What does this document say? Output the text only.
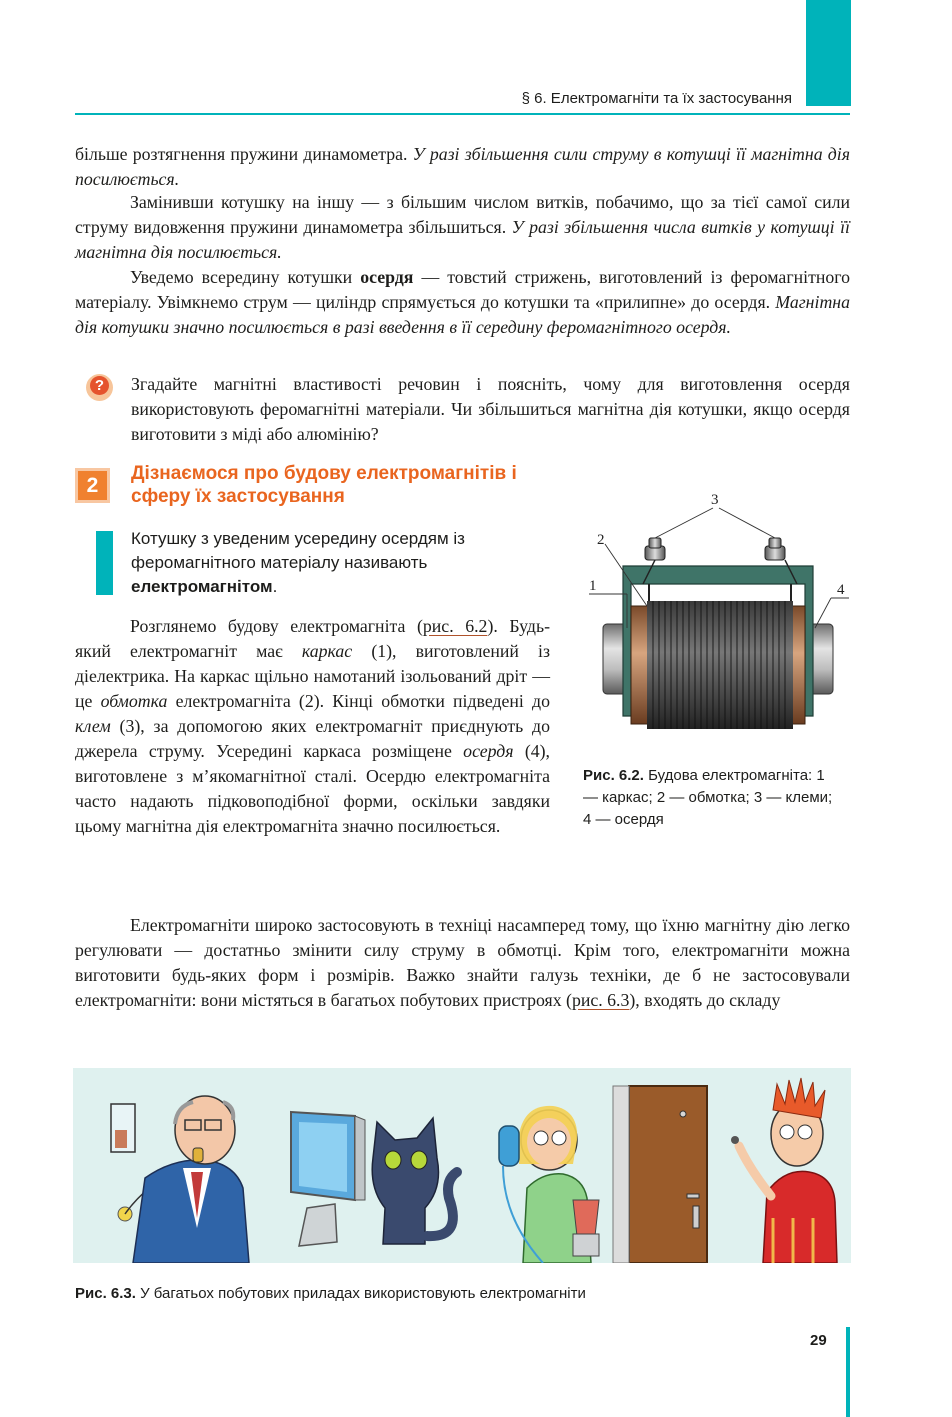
§ 6. Електромагніти та їх застосування

більше розтягнення пружини динамометра. У разі збільшення сили струму в котушці її магнітна дія посилюється.

Замінивши котушку на іншу — з більшим числом витків, побачимо, що за тієї самої сили струму видовження пружини динамометра збільшиться. У разі збільшення числа витків у котушці її магнітна дія посилюється.

Уведемо всередину котушки осердя — товстий стрижень, виготовлений із феромагнітного матеріалу. Увімкнемо струм — циліндр спрямується до котушки та «прилипне» до осердя. Магнітна дія котушки значно посилюється в разі введення в її середину феромагнітного осердя.

? Згадайте магнітні властивості речовин і поясніть, чому для виготовлення осердя використовують феромагнітні матеріали. Чи збільшиться магнітна дія котушки, якщо осердя виготовити з міді або алюмінію?
2
Дізнаємося про будову електромагнітів і сферу їх застосування
Котушку з уведеним усередину осердям із феромагнітного матеріалу називають електромагнітом.

Розглянемо будову електромагніта (рис. 6.2). Будь-який електромагніт має каркас (1), виготовлений із діелектрика. На каркас щільно намотаний ізольований дріт — це обмотка електромагніта (2). Кінці обмотки підведені до клем (3), за допомогою яких електромагніт приєднують до джерела струму. Усередині каркаса розміщене осердя (4), виготовлене з м’якомагнітної сталі. Осердю електромагніта часто надають підковоподібної форми, оскільки завдяки цьому магнітна дія електромагніта значно посилюється.

3
2
1	4
Рис. 6.2. Будова електромагніта: 1 — каркас; 2 — обмотка; 3 — клеми; 4 — осердя

Електромагніти широко застосовують в техніці насамперед тому, що їхню магнітну дію легко регулювати — достатньо змінити силу струму в обмотці. Крім того, електромагніти можна виготовити будь-яких форм і розмірів. Важко знайти галузь техніки, де б не застосовували електромагніти: вони містяться в багатьох побутових пристроях (рис. 6.3), входять до складу

Рис. 6.3. У багатьох побутових приладах використовують електромагніти
29
